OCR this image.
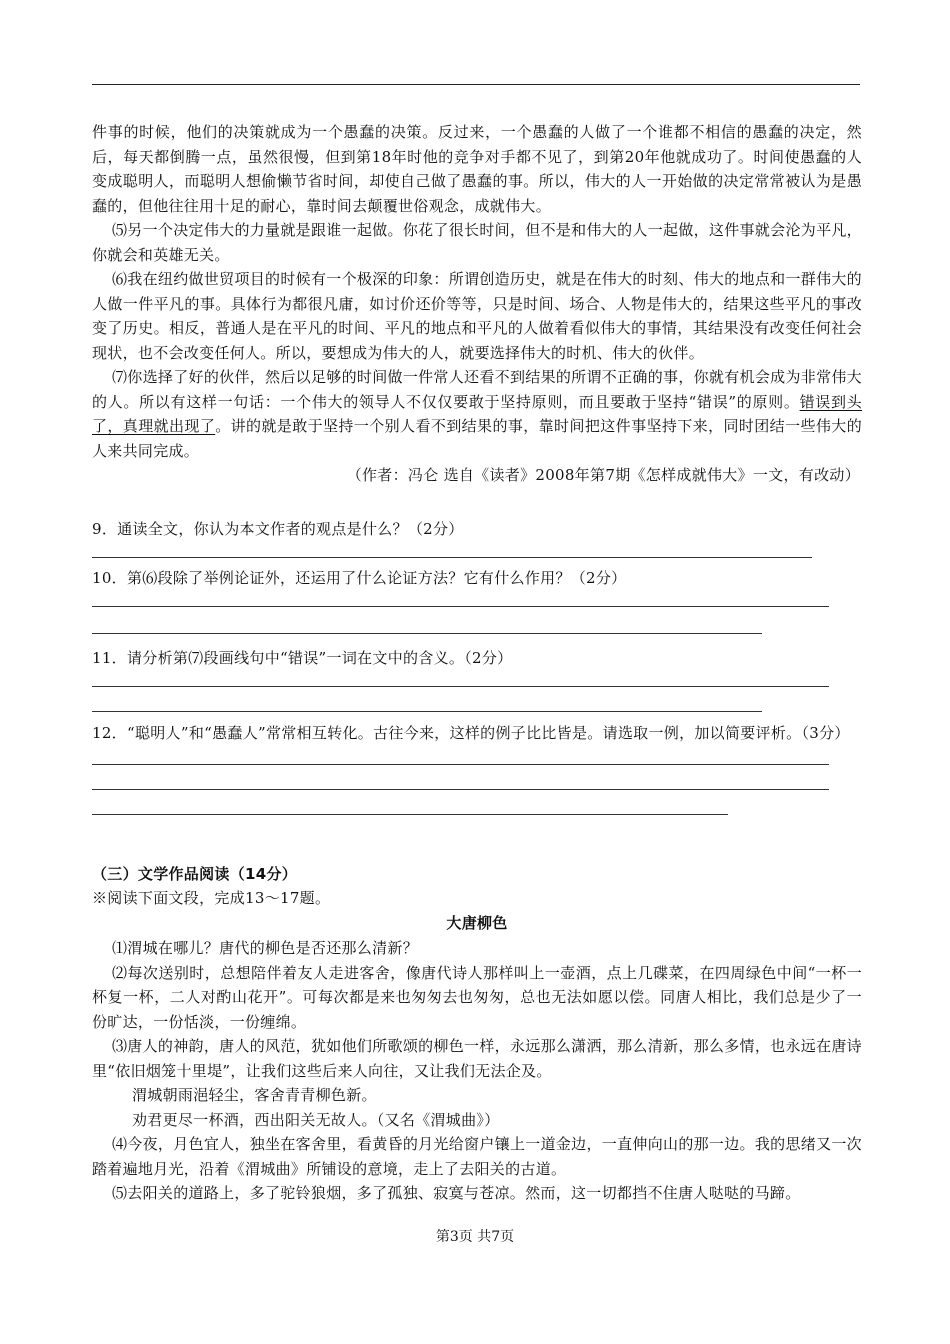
件事的时候，他们的决策就成为一个愚蠢的决策。反过来，一个愚蠢的人做了一个谁都不相信的愚蠢的决定，然后，每天都倒腾一点，虽然很慢，但到第18年时他的竞争对手都不见了，到第20年他就成功了。时间使愚蠢的人变成聪明人，而聪明人想偷懒节省时间，却使自己做了愚蠢的事。所以，伟大的人一开始做的决定常常被认为是愚蠢的，但他往往用十足的耐心，靠时间去颠覆世俗观念，成就伟大。

⑸另一个决定伟大的力量就是跟谁一起做。你花了很长时间，但不是和伟大的人一起做，这件事就会沦为平凡，你就会和英雄无关。

⑹我在纽约做世贸项目的时候有一个极深的印象：所谓创造历史，就是在伟大的时刻、伟大的地点和一群伟大的人做一件平凡的事。具体行为都很凡庸，如讨价还价等等，只是时间、场合、人物是伟大的，结果这些平凡的事改变了历史。相反，普通人是在平凡的时间、平凡的地点和平凡的人做着看似伟大的事情，其结果没有改变任何社会现状，也不会改变任何人。所以，要想成为伟大的人，就要选择伟大的时机、伟大的伙伴。

⑺你选择了好的伙伴，然后以足够的时间做一件常人还看不到结果的所谓不正确的事，你就有机会成为非常伟大的人。所以有这样一句话：一个伟大的领导人不仅仅要敢于坚持原则，而且要敢于坚持“错误”的原则。错误到头了，真理就出现了。讲的就是敢于坚持一个别人看不到结果的事，靠时间把这件事坚持下来，同时团结一些伟大的人来共同完成。

（作者：冯仑 选自《读者》2008年第7期《怎样成就伟大》一文，有改动）

9．通读全文，你认为本文作者的观点是什么？（2分）

10．第⑹段除了举例论证外，还运用了什么论证方法？它有什么作用？（2分）

11．请分析第⑺段画线句中“错误”一词在文中的含义。（2分）

12．“聪明人”和“愚蠢人”常常相互转化。古往今来，这样的例子比比皆是。请选取一例，加以简要评析。（3分）

（三）文学作品阅读（14分）

※阅读下面文段，完成13～17题。

大唐柳色

⑴渭城在哪儿？唐代的柳色是否还那么清新？

⑵每次送别时，总想陪伴着友人走进客舍，像唐代诗人那样叫上一壶酒，点上几碟菜，在四周绿色中间“一杯一杯复一杯，二人对酌山花开”。可每次都是来也匆匆去也匆匆，总也无法如愿以偿。同唐人相比，我们总是少了一份旷达，一份恬淡，一份缠绵。

⑶唐人的神韵，唐人的风范，犹如他们所歌颂的柳色一样，永远那么潇洒，那么清新，那么多情，也永远在唐诗里“依旧烟笼十里堤”，让我们这些后来人向往，又让我们无法企及。

渭城朝雨浥轻尘，客舍青青柳色新。

劝君更尽一杯酒，西出阳关无故人。（又名《渭城曲》）

⑷今夜，月色宜人，独坐在客舍里，看黄昏的月光给窗户镶上一道金边，一直伸向山的那一边。我的思绪又一次踏着遍地月光，沿着《渭城曲》所铺设的意境，走上了去阳关的古道。

⑸去阳关的道路上，多了驼铃狼烟，多了孤独、寂寞与苍凉。然而，这一切都挡不住唐人哒哒的马蹄。

第3页 共7页
